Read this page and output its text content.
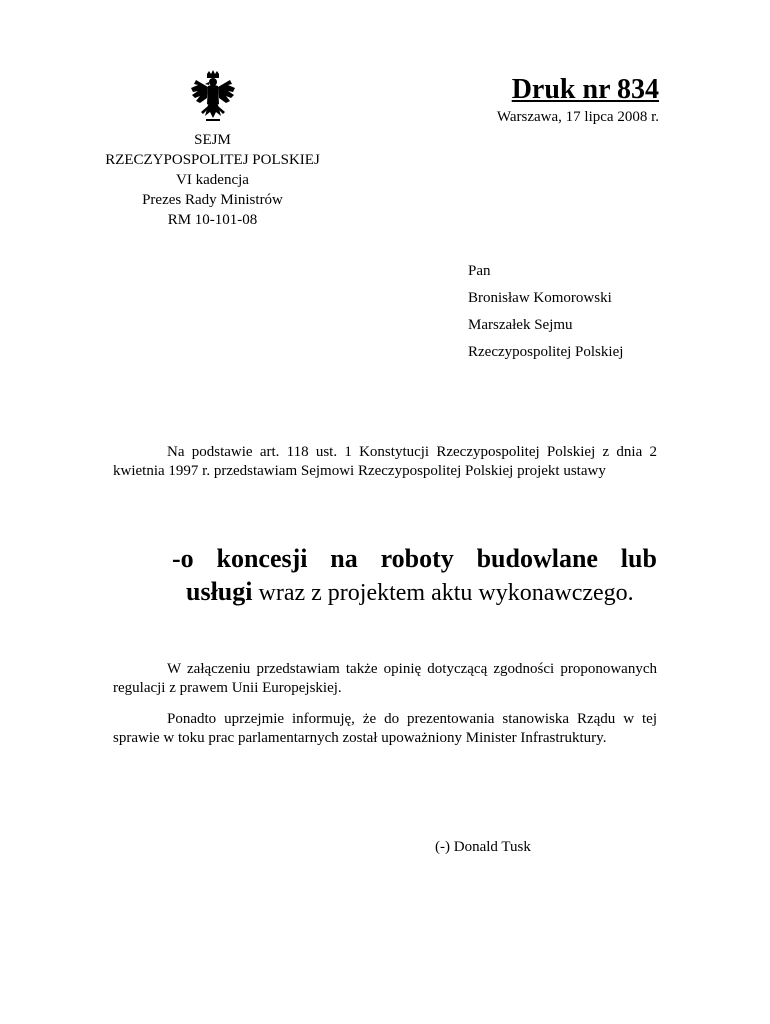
SEJM
RZECZYPOSPOLITEJ POLSKIEJ
VI kadencja
Prezes Rady Ministrów
RM 10-101-08
Druk nr 834
Warszawa, 17 lipca 2008 r.
Pan
Bronisław Komorowski
Marszałek Sejmu
Rzeczypospolitej Polskiej
Na podstawie art. 118 ust. 1 Konstytucji Rzeczypospolitej Polskiej z dnia 2 kwietnia 1997 r. przedstawiam Sejmowi Rzeczypospolitej Polskiej projekt ustawy
-o koncesji na roboty budowlane lub
usługi wraz z projektem aktu wykonawczego.
W załączeniu przedstawiam także opinię dotyczącą zgodności proponowanych regulacji z prawem Unii Europejskiej.
Ponadto uprzejmie informuję, że do prezentowania stanowiska Rządu w tej sprawie w toku prac parlamentarnych został upoważniony Minister Infrastruktury.
(-) Donald Tusk
